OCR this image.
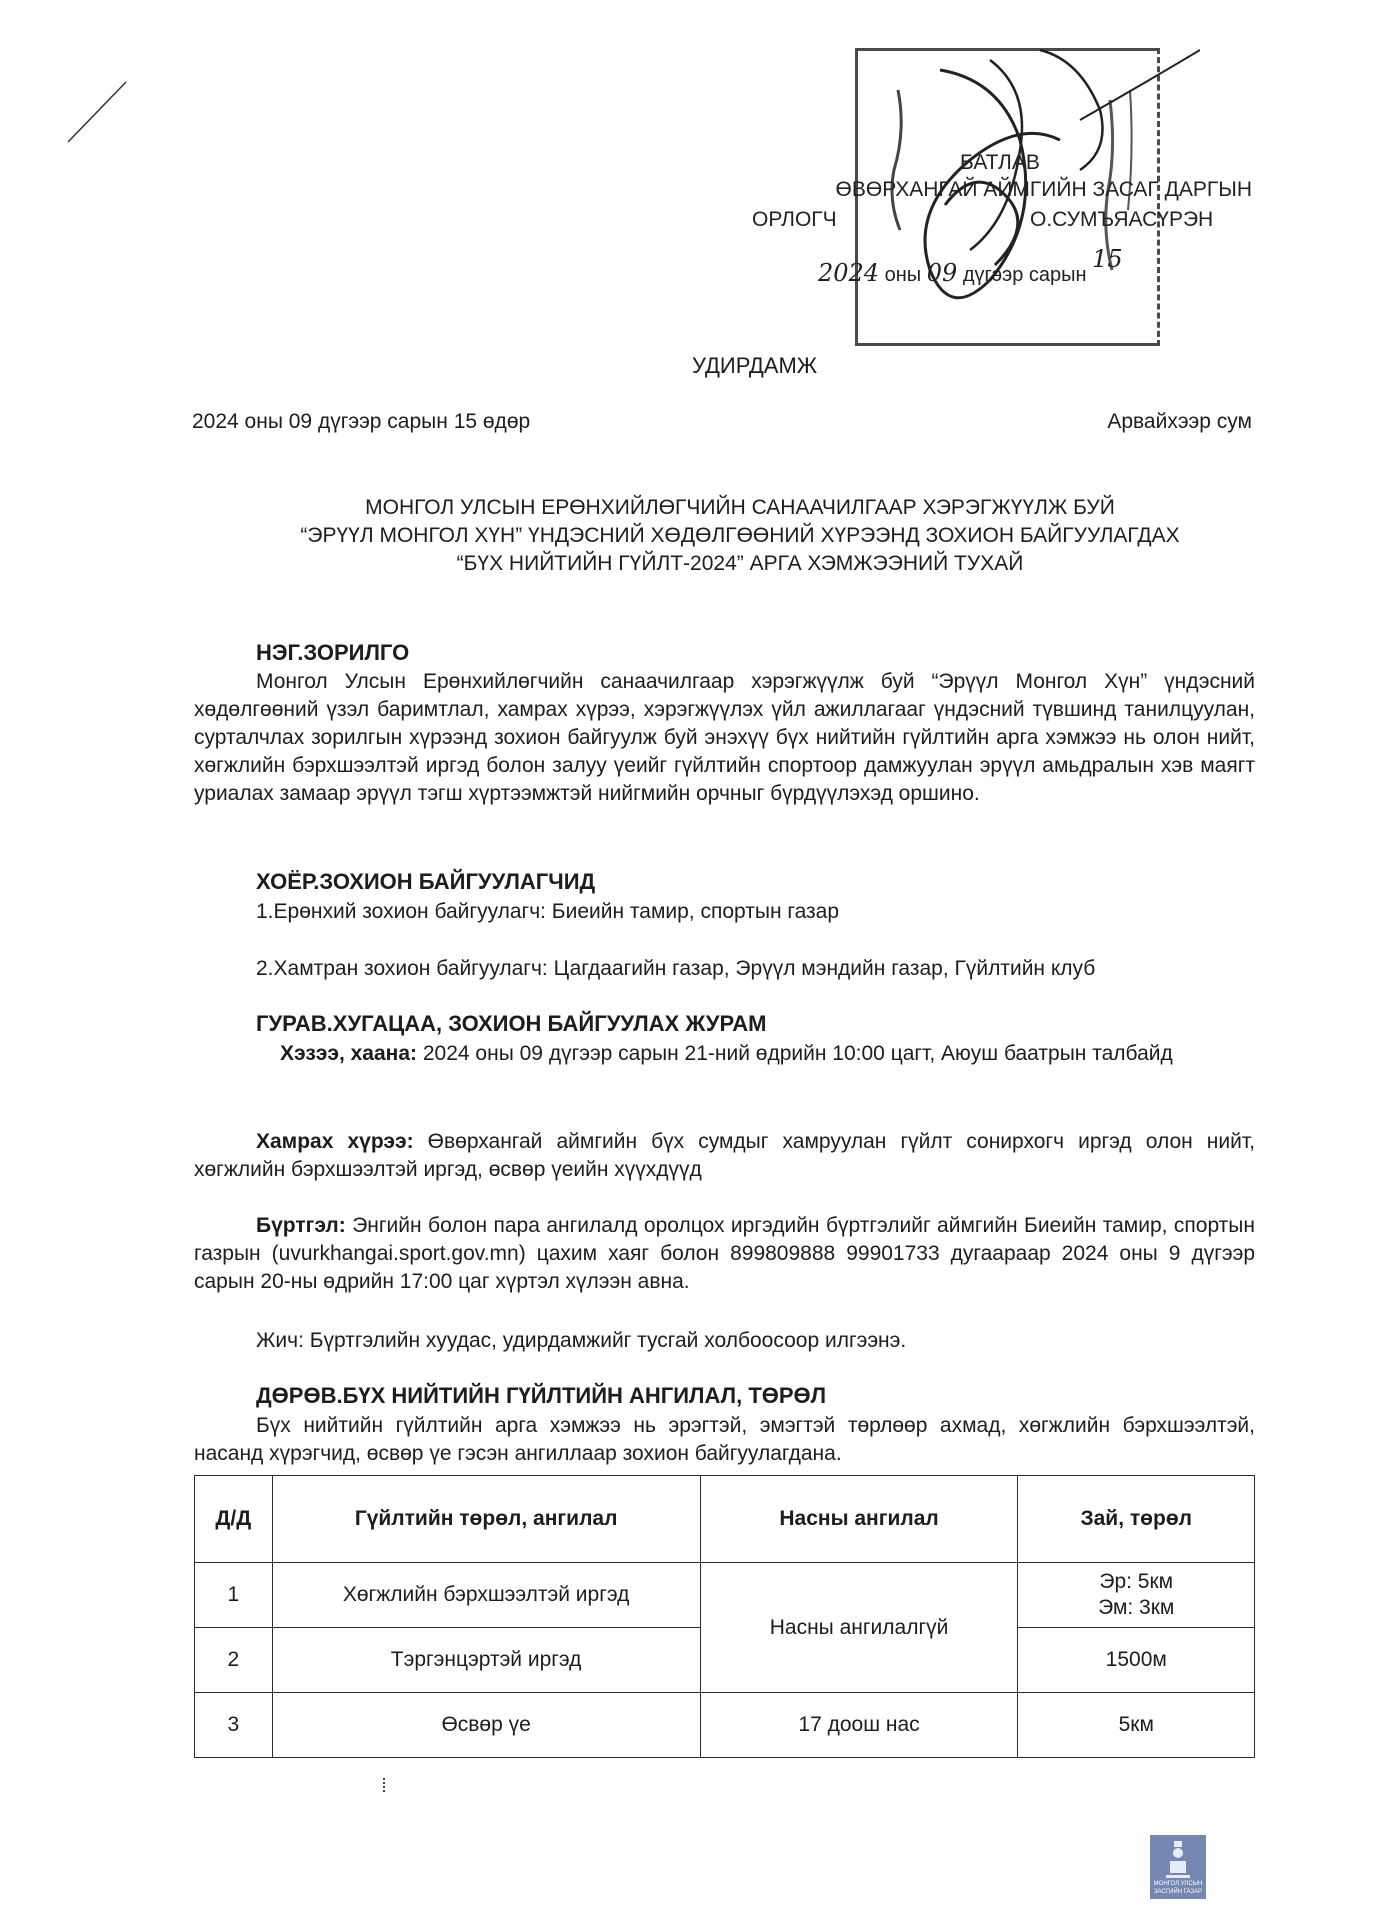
БАТЛАВ
ӨВӨРХАНГАЙ АЙМГИЙН ЗАСАГ ДАРГЫН
ОРЛОГЧ	О.СУМЪЯАСҮРЭН
2024 оны 09 дүгээр сарын 15
УДИРДАМЖ
2024 оны 09 дүгээр сарын 15 өдөр	Арвайхээр сум
МОНГОЛ УЛСЫН ЕРӨНХИЙЛӨГЧИЙН САНААЧИЛГААР ХЭРЭГЖҮҮЛЖ БУЙ
“ЭРҮҮЛ МОНГОЛ ХҮН” ҮНДЭСНИЙ ХӨДӨЛГӨӨНИЙ ХҮРЭЭНД ЗОХИОН БАЙГУУЛАГДАХ
“БҮХ НИЙТИЙН ГҮЙЛТ-2024” АРГА ХЭМЖЭЭНИЙ ТУХАЙ
НЭГ.ЗОРИЛГО
Монгол Улсын Ерөнхийлөгчийн санаачилгаар хэрэгжүүлж буй “Эрүүл Монгол Хүн” үндэсний хөдөлгөөний үзэл баримтлал, хамрах хүрээ, хэрэгжүүлэх үйл ажиллагааг үндэсний түвшинд танилцуулан, сурталчлах зорилгын хүрээнд зохион байгуулж буй энэхүү бүх нийтийн гүйлтийн арга хэмжээ нь олон нийт, хөгжлийн бэрхшээлтэй иргэд болон залуу үеийг гүйлтийн спортоор дамжуулан эрүүл амьдралын хэв маягт уриалах замаар эрүүл тэгш хүртээмжтэй нийгмийн орчныг бүрдүүлэхэд оршино.
ХОЁР.ЗОХИОН БАЙГУУЛАГЧИД
1.Ерөнхий зохион байгуулагч: Биеийн тамир, спортын газар
2.Хамтран зохион байгуулагч: Цагдаагийн газар, Эрүүл мэндийн газар, Гүйлтийн клуб
ГУРАВ.ХУГАЦАА, ЗОХИОН БАЙГУУЛАХ ЖУРАМ
Хэзээ, хаана: 2024 оны 09 дүгээр сарын 21-ний өдрийн 10:00 цагт, Аюуш баатрын талбайд
Хамрах хүрээ: Өвөрхангай аймгийн бүх сумдыг хамруулан гүйлт сонирхогч иргэд олон нийт, хөгжлийн бэрхшээлтэй иргэд, өсвөр үеийн хүүхдүүд
Бүртгэл: Энгийн болон пара ангилалд оролцох иргэдийн бүртгэлийг аймгийн Биеийн тамир, спортын газрын (uvurkhangai.sport.gov.mn) цахим хаяг болон 899809888 99901733 дугаараар 2024 оны 9 дүгээр сарын 20-ны өдрийн 17:00 цаг хүртэл хүлээн авна.
Жич: Бүртгэлийн хуудас, удирдамжийг тусгай холбоосоор илгээнэ.
ДӨРӨВ.БҮХ НИЙТИЙН ГҮЙЛТИЙН АНГИЛАЛ, ТӨРӨЛ
Бүх нийтийн гүйлтийн арга хэмжээ нь эрэгтэй, эмэгтэй төрлөөр ахмад, хөгжлийн бэрхшээлтэй, насанд хүрэгчид, өсвөр үе гэсэн ангиллаар зохион байгуулагдана.
Д/Д	Гүйлтийн төрөл, ангилал	Насны ангилал	Зай, төрөл
1	Хөгжлийн бэрхшээлтэй иргэд	Насны ангилалгүй	Эр: 5км
Эм: 3км

2	Тэргэнцэртэй иргэд		1500м
3	Өсвөр үе	17 доош нас	5км
МОНГОЛ УЛСЫН
ЗАСГИЙН ГАЗАР
